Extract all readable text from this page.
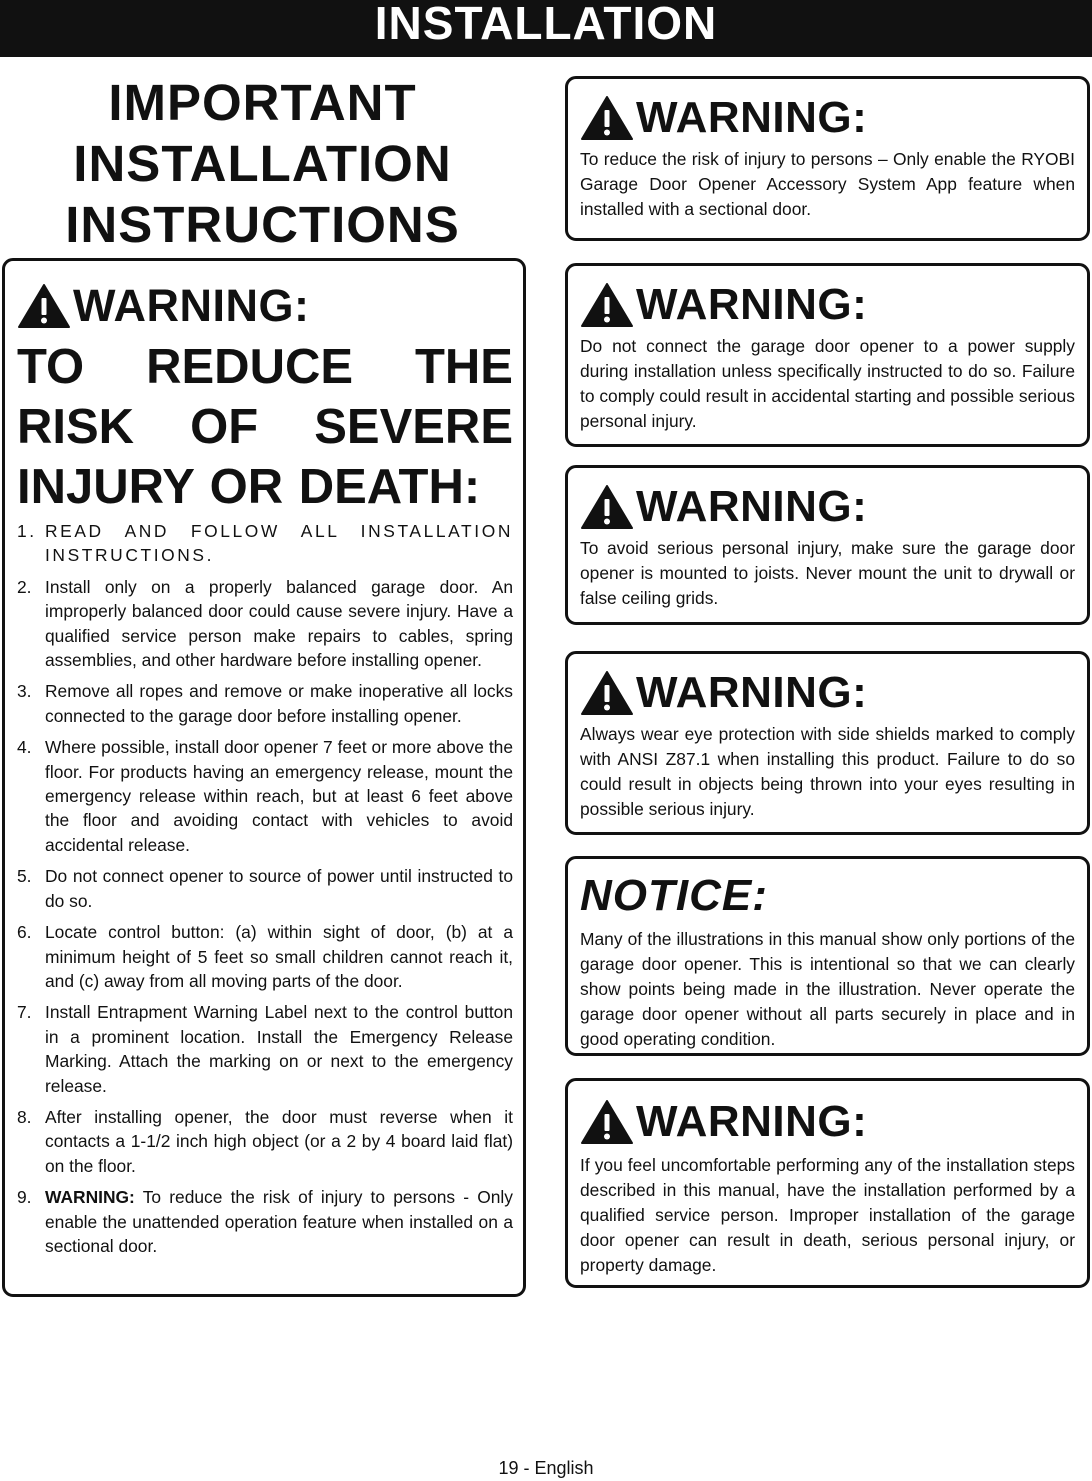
INSTALLATION
IMPORTANT
INSTALLATION
INSTRUCTIONS
WARNING:
TO REDUCE THE RISK OF SEVERE INJURY OR DEATH:
1. READ AND FOLLOW ALL INSTALLATION INSTRUCTIONS.
2. Install only on a properly balanced garage door. An improperly balanced door could cause severe injury. Have a qualified service person make repairs to cables, spring assemblies, and other hardware before installing opener.
3. Remove all ropes and remove or make inoperative all locks connected to the garage door before installing opener.
4. Where possible, install door opener 7 feet or more above the floor. For products having an emergency release, mount the emergency release within reach, but at least 6 feet above the floor and avoiding contact with vehicles to avoid accidental release.
5. Do not connect opener to source of power until instructed to do so.
6. Locate control button: (a) within sight of door, (b) at a minimum height of 5 feet so small children cannot reach it, and (c) away from all moving parts of the door.
7. Install Entrapment Warning Label next to the control button in a prominent location. Install the Emergency Release Marking. Attach the marking on or next to the emergency release.
8. After installing opener, the door must reverse when it contacts a 1-1/2 inch high object (or a 2 by 4 board laid flat) on the floor.
9. WARNING: To reduce the risk of injury to persons - Only enable the unattended operation feature when installed on a sectional door.
WARNING:
To reduce the risk of injury to persons – Only enable the RYOBI Garage Door Opener Accessory System App feature when installed with a sectional door.
WARNING:
Do not connect the garage door opener to a power supply during installation unless specifically instructed to do so. Failure to comply could result in accidental starting and possible serious personal injury.
WARNING:
To avoid serious personal injury, make sure the garage door opener is mounted to joists. Never mount the unit to drywall or false ceiling grids.
WARNING:
Always wear eye protection with side shields marked to comply with ANSI Z87.1 when installing this product. Failure to do so could result in objects being thrown into your eyes resulting in possible serious injury.
NOTICE:
Many of the illustrations in this manual show only portions of the garage door opener. This is intentional so that we can clearly show points being made in the illustration. Never operate the garage door opener without all parts securely in place and in good operating condition.
WARNING:
If you feel uncomfortable performing any of the installation steps described in this manual, have the installation performed by a qualified service person. Improper installation of the garage door opener can result in death, serious personal injury, or property damage.
19 - English
